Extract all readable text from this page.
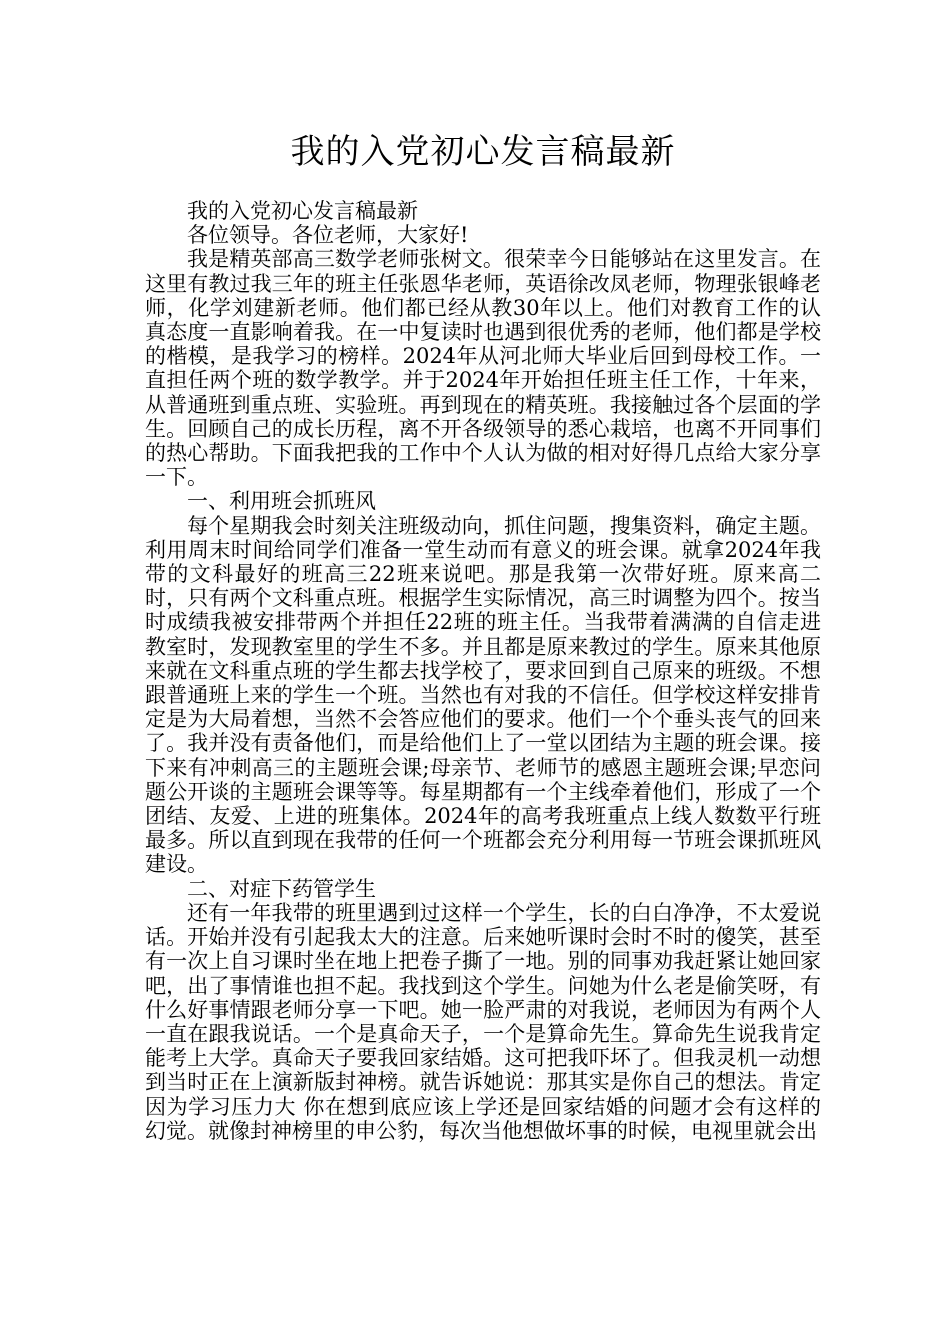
我的入党初心发言稿最新

我的入党初心发言稿最新

各位领导。各位老师，大家好!

我是精英部高三数学老师张树文。很荣幸今日能够站在这里发言。在这里有教过我三年的班主任张恩华老师，英语徐改凤老师，物理张银峰老师，化学刘建新老师。他们都已经从教30年以上。他们对教育工作的认真态度一直影响着我。在一中复读时也遇到很优秀的老师，他们都是学校的楷模，是我学习的榜样。2024年从河北师大毕业后回到母校工作。一直担任两个班的数学教学。并于2024年开始担任班主任工作，十年来，从普通班到重点班、实验班。再到现在的精英班。我接触过各个层面的学生。回顾自己的成长历程，离不开各级领导的悉心栽培，也离不开同事们的热心帮助。下面我把我的工作中个人认为做的相对好得几点给大家分享一下。

一、利用班会抓班风

每个星期我会时刻关注班级动向，抓住问题，搜集资料，确定主题。利用周末时间给同学们准备一堂生动而有意义的班会课。就拿2024年我带的文科最好的班高三22班来说吧。那是我第一次带好班。原来高二时，只有两个文科重点班。根据学生实际情况，高三时调整为四个。按当时成绩我被安排带两个并担任22班的班主任。当我带着满满的自信走进教室时，发现教室里的学生不多。并且都是原来教过的学生。原来其他原来就在文科重点班的学生都去找学校了，要求回到自己原来的班级。不想跟普通班上来的学生一个班。当然也有对我的不信任。但学校这样安排肯定是为大局着想，当然不会答应他们的要求。他们一个个垂头丧气的回来了。我并没有责备他们，而是给他们上了一堂以团结为主题的班会课。接下来有冲刺高三的主题班会课;母亲节、老师节的感恩主题班会课;早恋问题公开谈的主题班会课等等。每星期都有一个主线牵着他们，形成了一个团结、友爱、上进的班集体。2024年的高考我班重点上线人数数平行班最多。所以直到现在我带的任何一个班都会充分利用每一节班会课抓班风建设。

二、对症下药管学生

还有一年我带的班里遇到过这样一个学生，长的白白净净，不太爱说话。开始并没有引起我太大的注意。后来她听课时会时不时的傻笑，甚至有一次上自习课时坐在地上把卷子撕了一地。别的同事劝我赶紧让她回家吧，出了事情谁也担不起。我找到这个学生。问她为什么老是偷笑呀，有什么好事情跟老师分享一下吧。她一脸严肃的对我说，老师因为有两个人一直在跟我说话。一个是真命天子，一个是算命先生。算命先生说我肯定能考上大学。真命天子要我回家结婚。这可把我吓坏了。但我灵机一动想到当时正在上演新版封神榜。就告诉她说：那其实是你自己的想法。肯定因为学习压力大 你在想到底应该上学还是回家结婚的问题才会有这样的幻觉。就像封神榜里的申公豹，每次当他想做坏事的时候，电视里就会出
